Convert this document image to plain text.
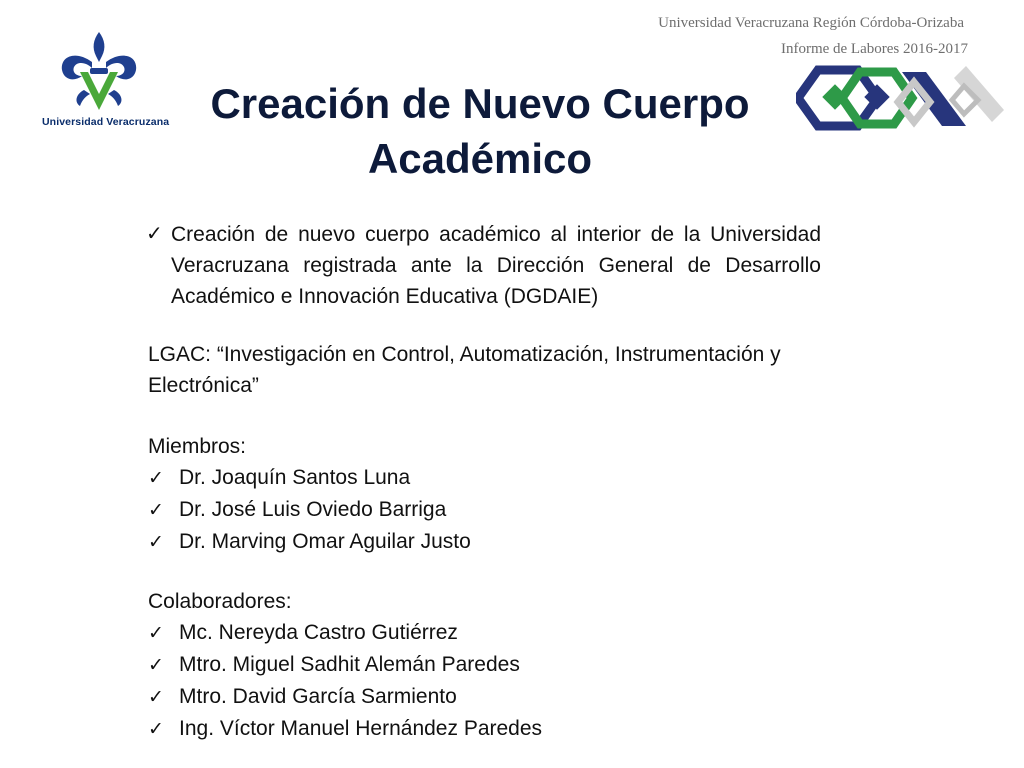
Universidad Veracruzana Región Córdoba-Orizaba
Informe de Labores 2016-2017
Universidad Veracruzana Creación de Nuevo Cuerpo
Académico
✓ Creación de nuevo cuerpo académico al interior de la Universidad Veracruzana registrada ante la Dirección General de Desarrollo Académico e Innovación Educativa (DGDAIE)
LGAC: “Investigación en Control, Automatización, Instrumentación y Electrónica”
Miembros:
✓ Dr. Joaquín Santos Luna
✓ Dr. José Luis Oviedo Barriga
✓ Dr. Marving Omar Aguilar Justo
Colaboradores:
✓ Mc. Nereyda Castro Gutiérrez
✓ Mtro. Miguel Sadhit Alemán Paredes
✓ Mtro. David García Sarmiento
✓ Ing. Víctor Manuel Hernández Paredes
